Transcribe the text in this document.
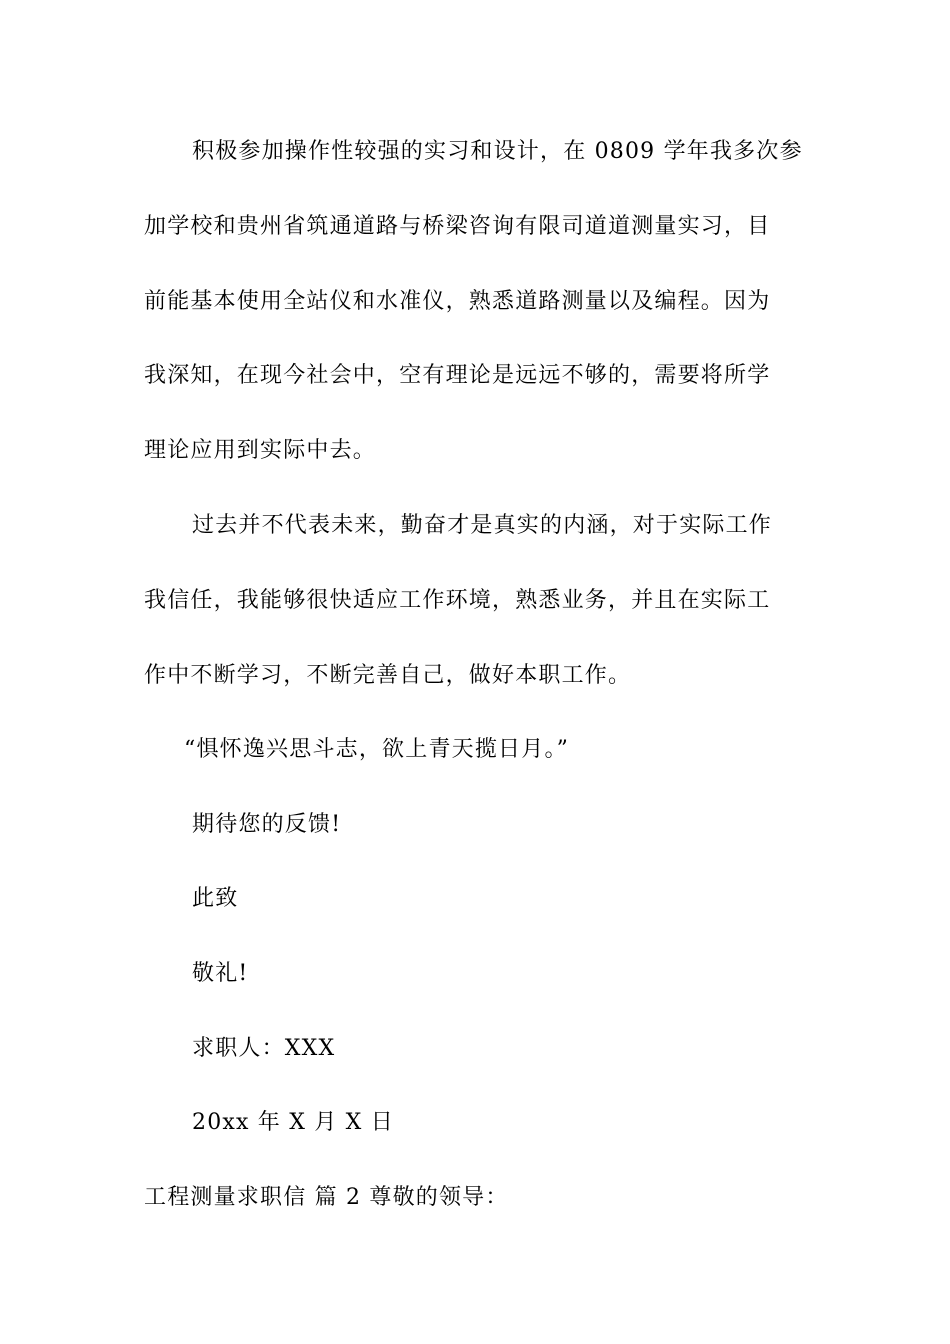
积极参加操作性较强的实习和设计，在 0809 学年我多次参
加学校和贵州省筑通道路与桥梁咨询有限司道道测量实习，目
前能基本使用全站仪和水准仪，熟悉道路测量以及编程。因为
我深知，在现今社会中，空有理论是远远不够的，需要将所学
理论应用到实际中去。
过去并不代表未来，勤奋才是真实的内涵，对于实际工作
我信任，我能够很快适应工作环境，熟悉业务，并且在实际工
作中不断学习，不断完善自己，做好本职工作。
“惧怀逸兴思斗志，欲上青天揽日月。”
期待您的反馈!
此致
敬礼!
求职人：XXX
20xx 年 X 月 X 日
工程测量求职信 篇 2 尊敬的领导：
